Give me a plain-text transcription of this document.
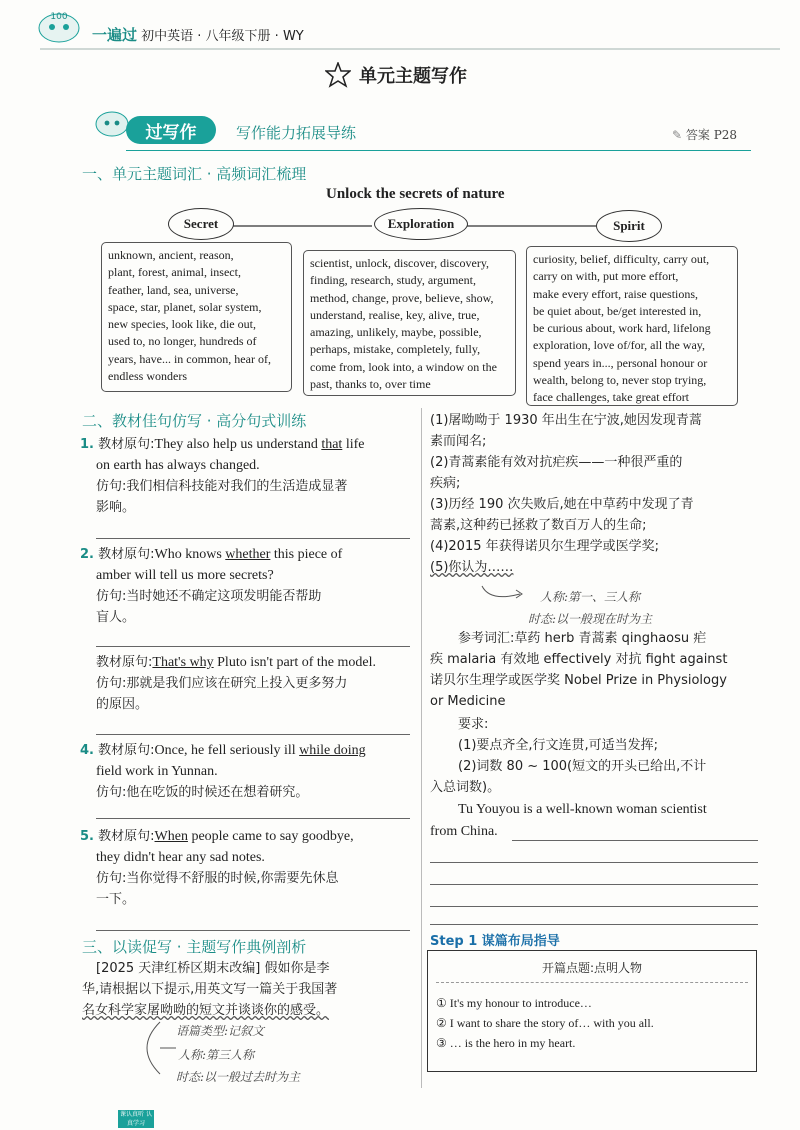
100
一遍过 初中英语 · 八年级下册 · WY
单元主题写作
过写作	写作能力拓展导练	✎ 答案 P28
一、单元主题词汇 · 高频词汇梳理
Unlock the secrets of nature
Secret	Exploration	Spirit
unknown, ancient, reason,
plant, forest, animal, insect,
feather, land, sea, universe,
space, star, planet, solar system,
new species, look like, die out,
used to, no longer, hundreds of
years, have... in common, hear of,
endless wonders
scientist, unlock, discover, discovery,
finding, research, study, argument,
method, change, prove, believe, show,
understand, realise, key, alive, true,
amazing, unlikely, maybe, possible,
perhaps, mistake, completely, fully,
come from, look into, a window on the
past, thanks to, over time
curiosity, belief, difficulty, carry out,
carry on with, put more effort,
make every effort, raise questions,
be quiet about, be/get interested in,
be curious about, work hard, lifelong
exploration, love of/for, all the way,
spend years in..., personal honour or
wealth, belong to, never stop trying,
face challenges, take great effort
二、教材佳句仿写 · 高分句式训练
1. 教材原句:They also help us understand that life
on earth has always changed.
仿句:我们相信科技能对我们的生活造成显著
影响。
2. 教材原句:Who knows whether this piece of
amber will tell us more secrets?
仿句:当时她还不确定这项发明能否帮助
盲人。
教材原句:That's why Pluto isn't part of the model.
仿句:那就是我们应该在研究上投入更多努力
的原因。
4. 教材原句:Once, he fell seriously ill while doing
field work in Yunnan.
仿句:他在吃饭的时候还在想着研究。
5. 教材原句:When people came to say goodbye,
they didn't hear any sad notes.
仿句:当你觉得不舒服的时候,你需要先休息
一下。
三、以读促写 · 主题写作典例剖析
[2025 天津红桥区期末改编] 假如你是李
华,请根据以下提示,用英文写一篇关于我国著
名女科学家屠呦呦的短文并谈谈你的感受。
语篇类型:记叙文
人称:第三人称
时态:以一般过去时为主
(1)屠呦呦于 1930 年出生在宁波,她因发现青蒿
素而闻名;
(2)青蒿素能有效对抗疟疾——一种很严重的
疾病;
(3)历经 190 次失败后,她在中草药中发现了青
蒿素,这种药已拯救了数百万人的生命;
(4)2015 年获得诺贝尔生理学或医学奖;
(5)你认为……
人称:第一、三人称
时态:以一般现在时为主
参考词汇:草药 herb 青蒿素 qinghaosu 疟
疾 malaria 有效地 effectively 对抗 fight against
诺贝尔生理学或医学奖 Nobel Prize in Physiology
or Medicine
要求:
(1)要点齐全,行文连贯,可适当发挥;
(2)词数 80 ~ 100(短文的开头已给出,不计
入总词数)。
Tu Youyou is a well-known woman scientist
from China.
Step 1 谋篇布局指导
开篇点题:点明人物
① It's my honour to introduce…
② I want to share the story of… with you all.
③ … is the hero in my heart.
课认真听 认真学习
